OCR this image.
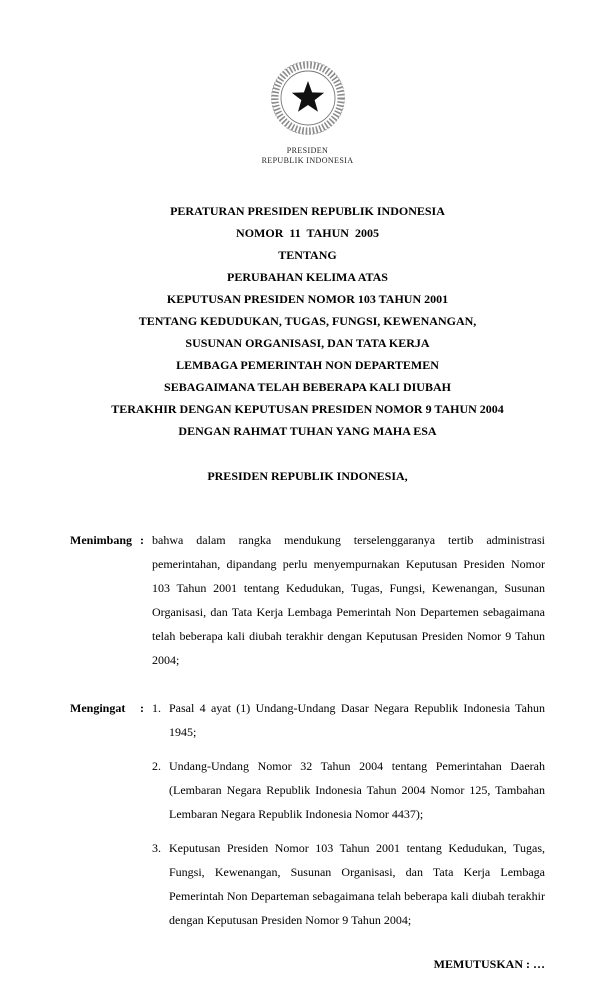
PRESIDEN
REPUBLIK INDONESIA
PERATURAN PRESIDEN REPUBLIK INDONESIA
NOMOR  11  TAHUN  2005
TENTANG
PERUBAHAN KELIMA ATAS
KEPUTUSAN PRESIDEN NOMOR 103 TAHUN 2001
TENTANG KEDUDUKAN, TUGAS, FUNGSI, KEWENANGAN,
SUSUNAN ORGANISASI, DAN TATA KERJA
LEMBAGA PEMERINTAH NON DEPARTEMEN
SEBAGAIMANA TELAH BEBERAPA KALI DIUBAH
TERAKHIR DENGAN KEPUTUSAN PRESIDEN NOMOR 9 TAHUN 2004
DENGAN RAHMAT TUHAN YANG MAHA ESA
PRESIDEN REPUBLIK INDONESIA,
Menimbang : bahwa dalam rangka mendukung terselenggaranya tertib administrasi pemerintahan, dipandang perlu menyempurnakan Keputusan Presiden Nomor 103 Tahun 2001 tentang Kedudukan, Tugas, Fungsi, Kewenangan, Susunan Organisasi, dan Tata Kerja Lembaga Pemerintah Non Departemen sebagaimana telah beberapa kali diubah terakhir dengan Keputusan Presiden Nomor 9 Tahun 2004;
Mengingat : 1. Pasal 4 ayat (1) Undang-Undang Dasar Negara Republik Indonesia Tahun 1945;
2. Undang-Undang Nomor 32 Tahun 2004 tentang Pemerintahan Daerah (Lembaran Negara Republik Indonesia Tahun 2004 Nomor 125, Tambahan Lembaran Negara Republik Indonesia Nomor 4437);
3. Keputusan Presiden Nomor 103 Tahun 2001 tentang Kedudukan, Tugas, Fungsi, Kewenangan, Susunan Organisasi, dan Tata Kerja Lembaga Pemerintah Non Departeman sebagaimana telah beberapa kali diubah terakhir dengan Keputusan Presiden Nomor 9 Tahun 2004;
MEMUTUSKAN : …
